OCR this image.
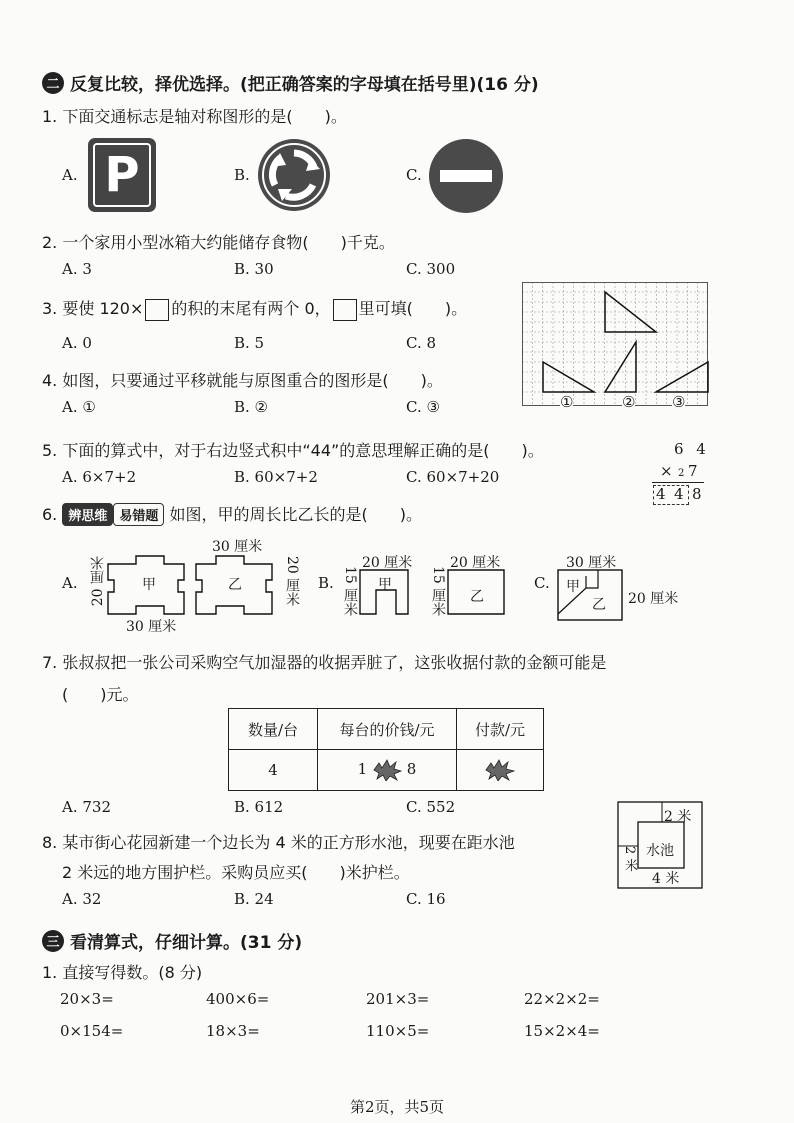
二 反复比较，择优选择。(把正确答案的字母填在括号里)(16 分)
1. 下面交通标志是轴对称图形的是(　　)。
A. P	B.	C.
2. 一个家用小型冰箱大约能储存食物(　　)千克。
A. 3	B. 30	C. 300
3. 要使 120× 的积的末尾有两个 0， 里可填(　　)。
A. 0	B. 5	C. 8
①	② ③
4. 如图，只要通过平移就能与原图重合的图形是(　　)。
A. ①	B. ②	C. ③
5. 下面的算式中，对于右边竖式积中“44”的意思理解正确的是(　　)。
A. 6×7+2	B. 60×7+2	C. 60×7+20
6 4
× 2 7
4 4 8
6. 辨思维 易错题 如图，甲的周长比乙长的是(　　)。
A.
30 厘米
30 厘米
20 厘米	20 厘米
甲	乙	B.
20 厘米	20 厘米
15 厘米	15 厘米
甲
乙
C.
30 厘米
20 厘米
甲
乙
7. 张叔叔把一张公司采购空气加湿器的收据弄脏了，这张收据付款的金额可能是
(　　)元。
数量/台	每台的价钱/元	付款/元
4	1 8	
A. 732	B. 612	C. 552
8. 某市街心花园新建一个边长为 4 米的正方形水池，现要在距水池
2 米远的地方围护栏。采购员应买(　　)米护栏。
A. 32	B. 24	C. 16
水池
2 米
2 米
4 米
三 看清算式，仔细计算。(31 分)
1. 直接写得数。(8 分)
20×3=	400×6=	201×3=	22×2×2=
0×154=	18×3=	110×5=	15×2×4=
第2页，共5页
